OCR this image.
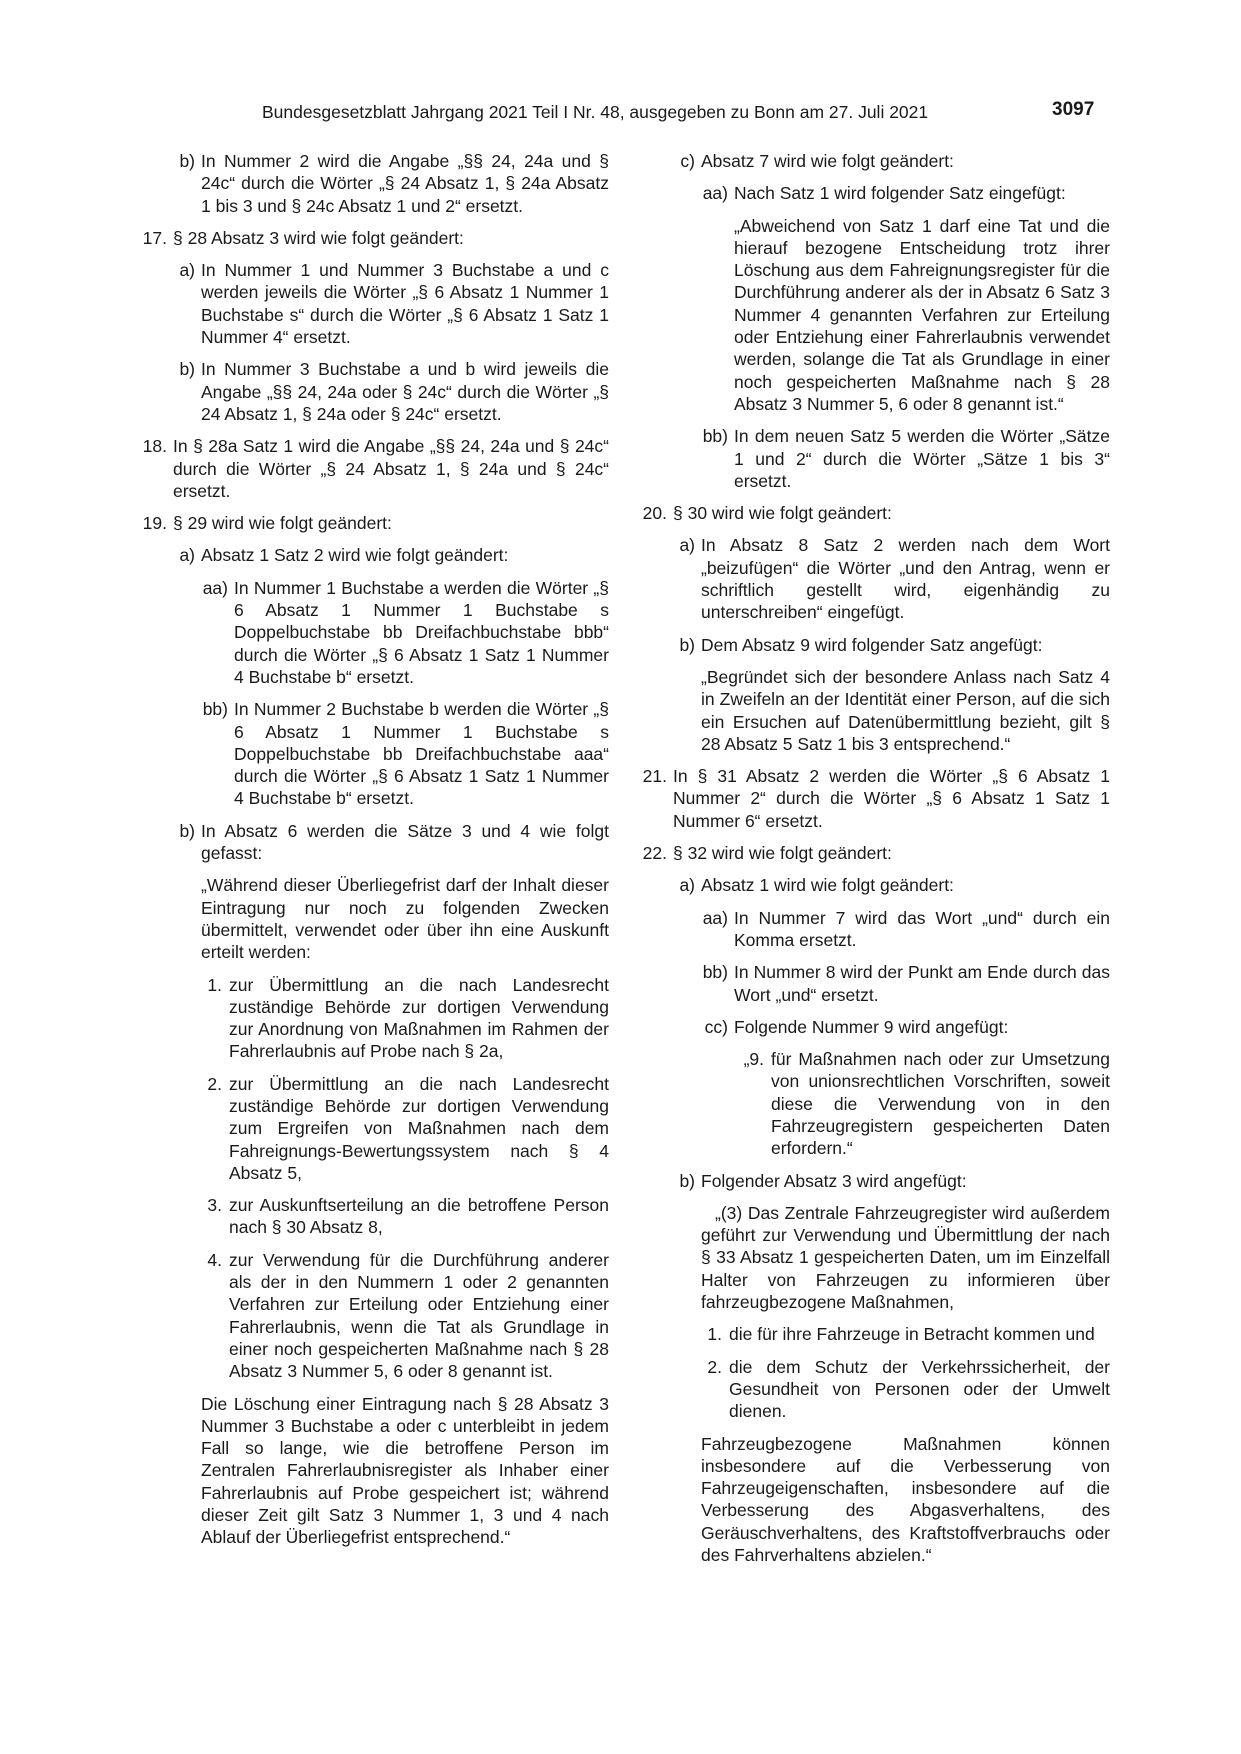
Bundesgesetzblatt Jahrgang 2021 Teil I Nr. 48, ausgegeben zu Bonn am 27. Juli 2021	3097
b) In Nummer 2 wird die Angabe „§§ 24, 24a und § 24c“ durch die Wörter „§ 24 Absatz 1, § 24a Absatz 1 bis 3 und § 24c Absatz 1 und 2“ ersetzt.
17. § 28 Absatz 3 wird wie folgt geändert:
a) In Nummer 1 und Nummer 3 Buchstabe a und c werden jeweils die Wörter „§ 6 Absatz 1 Nummer 1 Buchstabe s“ durch die Wörter „§ 6 Absatz 1 Satz 1 Nummer 4“ ersetzt.
b) In Nummer 3 Buchstabe a und b wird jeweils die Angabe „§§ 24, 24a oder § 24c“ durch die Wörter „§ 24 Absatz 1, § 24a oder § 24c“ ersetzt.
18. In § 28a Satz 1 wird die Angabe „§§ 24, 24a und § 24c“ durch die Wörter „§ 24 Absatz 1, § 24a und § 24c“ ersetzt.
19. § 29 wird wie folgt geändert:
a) Absatz 1 Satz 2 wird wie folgt geändert:
aa) In Nummer 1 Buchstabe a werden die Wörter „§ 6 Absatz 1 Nummer 1 Buchstabe s Doppelbuchstabe bb Dreifachbuchstabe bbb“ durch die Wörter „§ 6 Absatz 1 Satz 1 Nummer 4 Buchstabe b“ ersetzt.
bb) In Nummer 2 Buchstabe b werden die Wörter „§ 6 Absatz 1 Nummer 1 Buchstabe s Doppelbuchstabe bb Dreifachbuchstabe aaa“ durch die Wörter „§ 6 Absatz 1 Satz 1 Nummer 4 Buchstabe b“ ersetzt.
b) In Absatz 6 werden die Sätze 3 und 4 wie folgt gefasst:
„Während dieser Überliegefrist darf der Inhalt dieser Eintragung nur noch zu folgenden Zwecken übermittelt, verwendet oder über ihn eine Auskunft erteilt werden:
1. zur Übermittlung an die nach Landesrecht zuständige Behörde zur dortigen Verwendung zur Anordnung von Maßnahmen im Rahmen der Fahrerlaubnis auf Probe nach § 2a,
2. zur Übermittlung an die nach Landesrecht zuständige Behörde zur dortigen Verwendung zum Ergreifen von Maßnahmen nach dem Fahreignungs-Bewertungssystem nach § 4 Absatz 5,
3. zur Auskunftserteilung an die betroffene Person nach § 30 Absatz 8,
4. zur Verwendung für die Durchführung anderer als der in den Nummern 1 oder 2 genannten Verfahren zur Erteilung oder Entziehung einer Fahrerlaubnis, wenn die Tat als Grundlage in einer noch gespeicherten Maßnahme nach § 28 Absatz 3 Nummer 5, 6 oder 8 genannt ist.
Die Löschung einer Eintragung nach § 28 Absatz 3 Nummer 3 Buchstabe a oder c unterbleibt in jedem Fall so lange, wie die betroffene Person im Zentralen Fahrerlaubnisregister als Inhaber einer Fahrerlaubnis auf Probe gespeichert ist; während dieser Zeit gilt Satz 3 Nummer 1, 3 und 4 nach Ablauf der Überliegefrist entsprechend.“
c) Absatz 7 wird wie folgt geändert:
aa) Nach Satz 1 wird folgender Satz eingefügt:
„Abweichend von Satz 1 darf eine Tat und die hierauf bezogene Entscheidung trotz ihrer Löschung aus dem Fahreignungsregister für die Durchführung anderer als der in Absatz 6 Satz 3 Nummer 4 genannten Verfahren zur Erteilung oder Entziehung einer Fahrerlaubnis verwendet werden, solange die Tat als Grundlage in einer noch gespeicherten Maßnahme nach § 28 Absatz 3 Nummer 5, 6 oder 8 genannt ist.“
bb) In dem neuen Satz 5 werden die Wörter „Sätze 1 und 2“ durch die Wörter „Sätze 1 bis 3“ ersetzt.
20. § 30 wird wie folgt geändert:
a) In Absatz 8 Satz 2 werden nach dem Wort „beizufügen“ die Wörter „und den Antrag, wenn er schriftlich gestellt wird, eigenhändig zu unterschreiben“ eingefügt.
b) Dem Absatz 9 wird folgender Satz angefügt:
„Begründet sich der besondere Anlass nach Satz 4 in Zweifeln an der Identität einer Person, auf die sich ein Ersuchen auf Datenübermittlung bezieht, gilt § 28 Absatz 5 Satz 1 bis 3 entsprechend.“
21. In § 31 Absatz 2 werden die Wörter „§ 6 Absatz 1 Nummer 2“ durch die Wörter „§ 6 Absatz 1 Satz 1 Nummer 6“ ersetzt.
22. § 32 wird wie folgt geändert:
a) Absatz 1 wird wie folgt geändert:
aa) In Nummer 7 wird das Wort „und“ durch ein Komma ersetzt.
bb) In Nummer 8 wird der Punkt am Ende durch das Wort „und“ ersetzt.
cc) Folgende Nummer 9 wird angefügt:
„9. für Maßnahmen nach oder zur Umsetzung von unionsrechtlichen Vorschriften, soweit diese die Verwendung von in den Fahrzeugregistern gespeicherten Daten erfordern.“
b) Folgender Absatz 3 wird angefügt:
„(3) Das Zentrale Fahrzeugregister wird außerdem geführt zur Verwendung und Übermittlung der nach § 33 Absatz 1 gespeicherten Daten, um im Einzelfall Halter von Fahrzeugen zu informieren über fahrzeugbezogene Maßnahmen,
1. die für ihre Fahrzeuge in Betracht kommen und
2. die dem Schutz der Verkehrssicherheit, der Gesundheit von Personen oder der Umwelt dienen.
Fahrzeugbezogene Maßnahmen können insbesondere auf die Verbesserung von Fahrzeugeigenschaften, insbesondere auf die Verbesserung des Abgasverhaltens, des Geräuschverhaltens, des Kraftstoffverbrauchs oder des Fahrverhaltens abzielen.“
